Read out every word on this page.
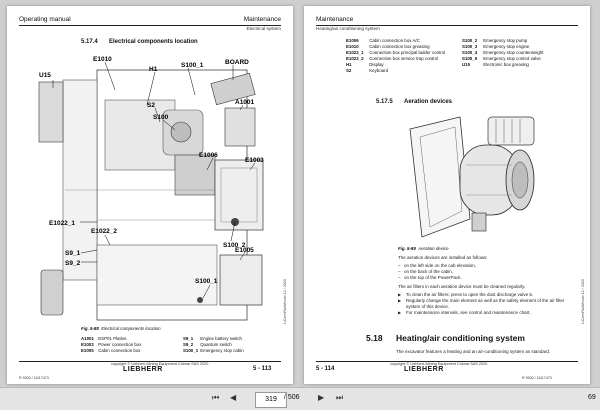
Operating manual	Maintenance
Electrical system
5.17.4 Electrical components location
U15
E1010
H1
S100_1	BOARD
S2	A1001
S100
E1006
E1003
E1022_1
S100_2
S9_1
S9_2
E1022_2
E1005
S100_1
Fig. 5-88 Electrical components location
A1001 ESP01 Platine
E1003 Power connection box
E1005 Cabin connection box
S9_1 Engine battery switch
S9_2 Quantum switch
S100_1 Emergency stop cabin
LiConnRailAfrican 12 / 2020
copyright © Liebherr-Mining Equipment Colmar SAS 2020
LIEBHERR	5 - 113
R 9300 / 11117473
Maintenance
Heating/air conditioning system
E1006 Cabin connection box A/C
E1010 Cabin connection box greasing
E1022_1 Connection box principal ladder control
E1022_2 Connection box service trap control
H1	Display
S2	Keyboard
S100_2 Emergency stop pump
S100_3 Emergency stop engine
S100_4 Emergency stop counterweight
S100_5 Emergency stop control valve
U15	Electronic box greasing
5.17.5 Aeration devices
Fig. 5-89 Aeration device

The aeration devices are installed as follows:

– on the left side on the cab elevation,
– on the back of the cabin,
– on the top of the PowerPack.

The air filters in each aeration device must be cleaned regularly.

▶ To clean the air filters: press to open the dust discharge valve 5.
▶ Regularly change the main element as well as the safety element of the air filter system of this device.
▶ For maintenance intervals, see control and maintenance chart.
5.18 Heating/air conditioning system
The excavator features a heating and an air-conditioning system as standard.
LiConnRailAfrican 12 / 2020
5 - 114
copyright © Liebherr-Mining Equipment Colmar SAS 2020
LIEBHERR
R 9300 / 11117473
⏮ ◀
319	/ 506 ▶ ⏭	69
